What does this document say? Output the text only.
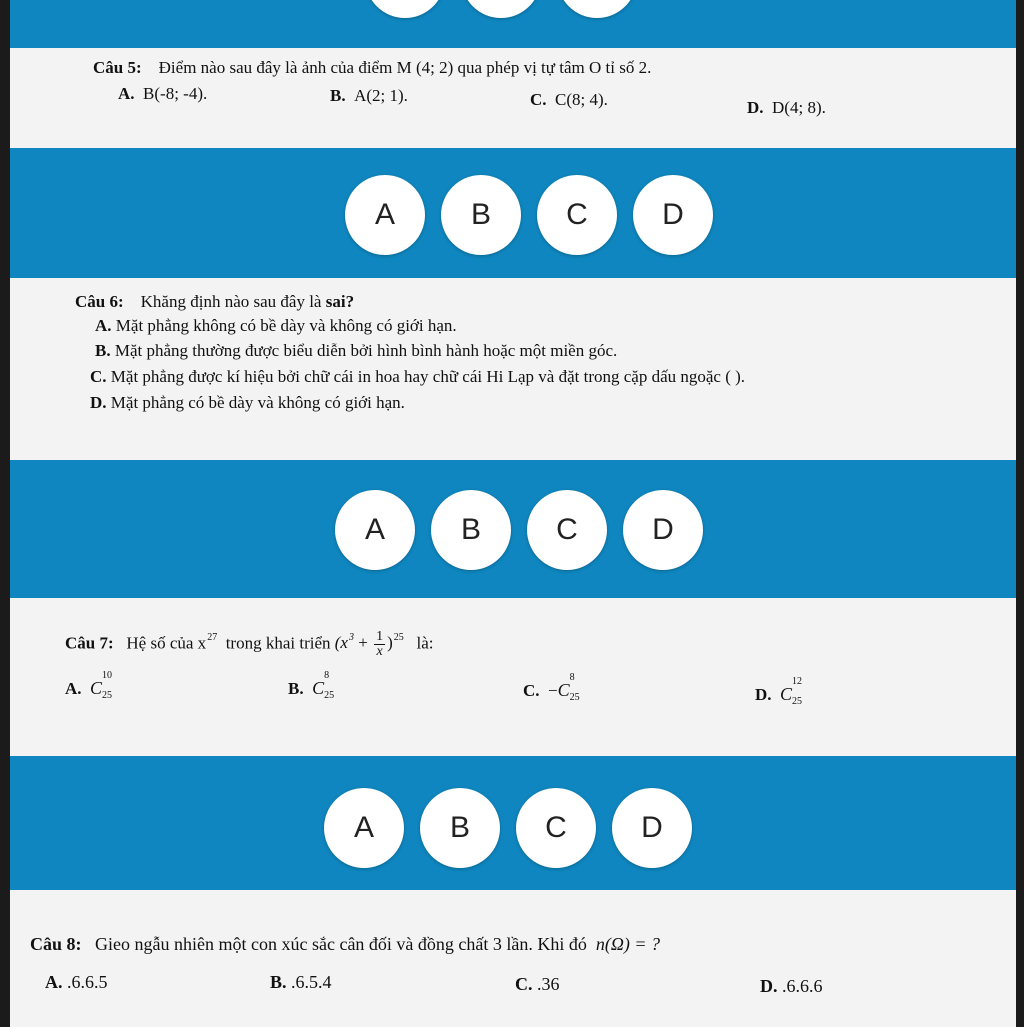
Câu 5: Điểm nào sau đây là ảnh của điểm M (4; 2) qua phép vị tự tâm O tỉ số 2.
A. B(-8; -4).	B. A(2; 1).	C. C(8; 4).	D. D(4; 8).
A	B	C	D
Câu 6: Khăng định nào sau đây là sai?
A. Mặt phẳng không có bề dày và không có giới hạn.
B. Mặt phẳng thường được biểu diễn bởi hình bình hành hoặc một miền góc.
C. Mặt phẳng được kí hiệu bởi chữ cái in hoa hay chữ cái Hi Lạp và đặt trong cặp dấu ngoặc ( ).
D. Mặt phẳng có bề dày và không có giới hạn.
A	B	C	D
Câu 7: Hệ số của $x^{27}$ trong khai triển $(x^3 + \frac{1}{x} )^{25}$ là:
A. C
10
25	B. C
8
25	C. −C
8
25	D. C
12
25
A	B	C	D
Câu 8: Gieo ngẫu nhiên một con xúc sắc cân đối và đồng chất 3 lần. Khi đó n(Ω) = ?
A. .6.6.5	B. .6.5.4	C. .36	D. .6.6.6
